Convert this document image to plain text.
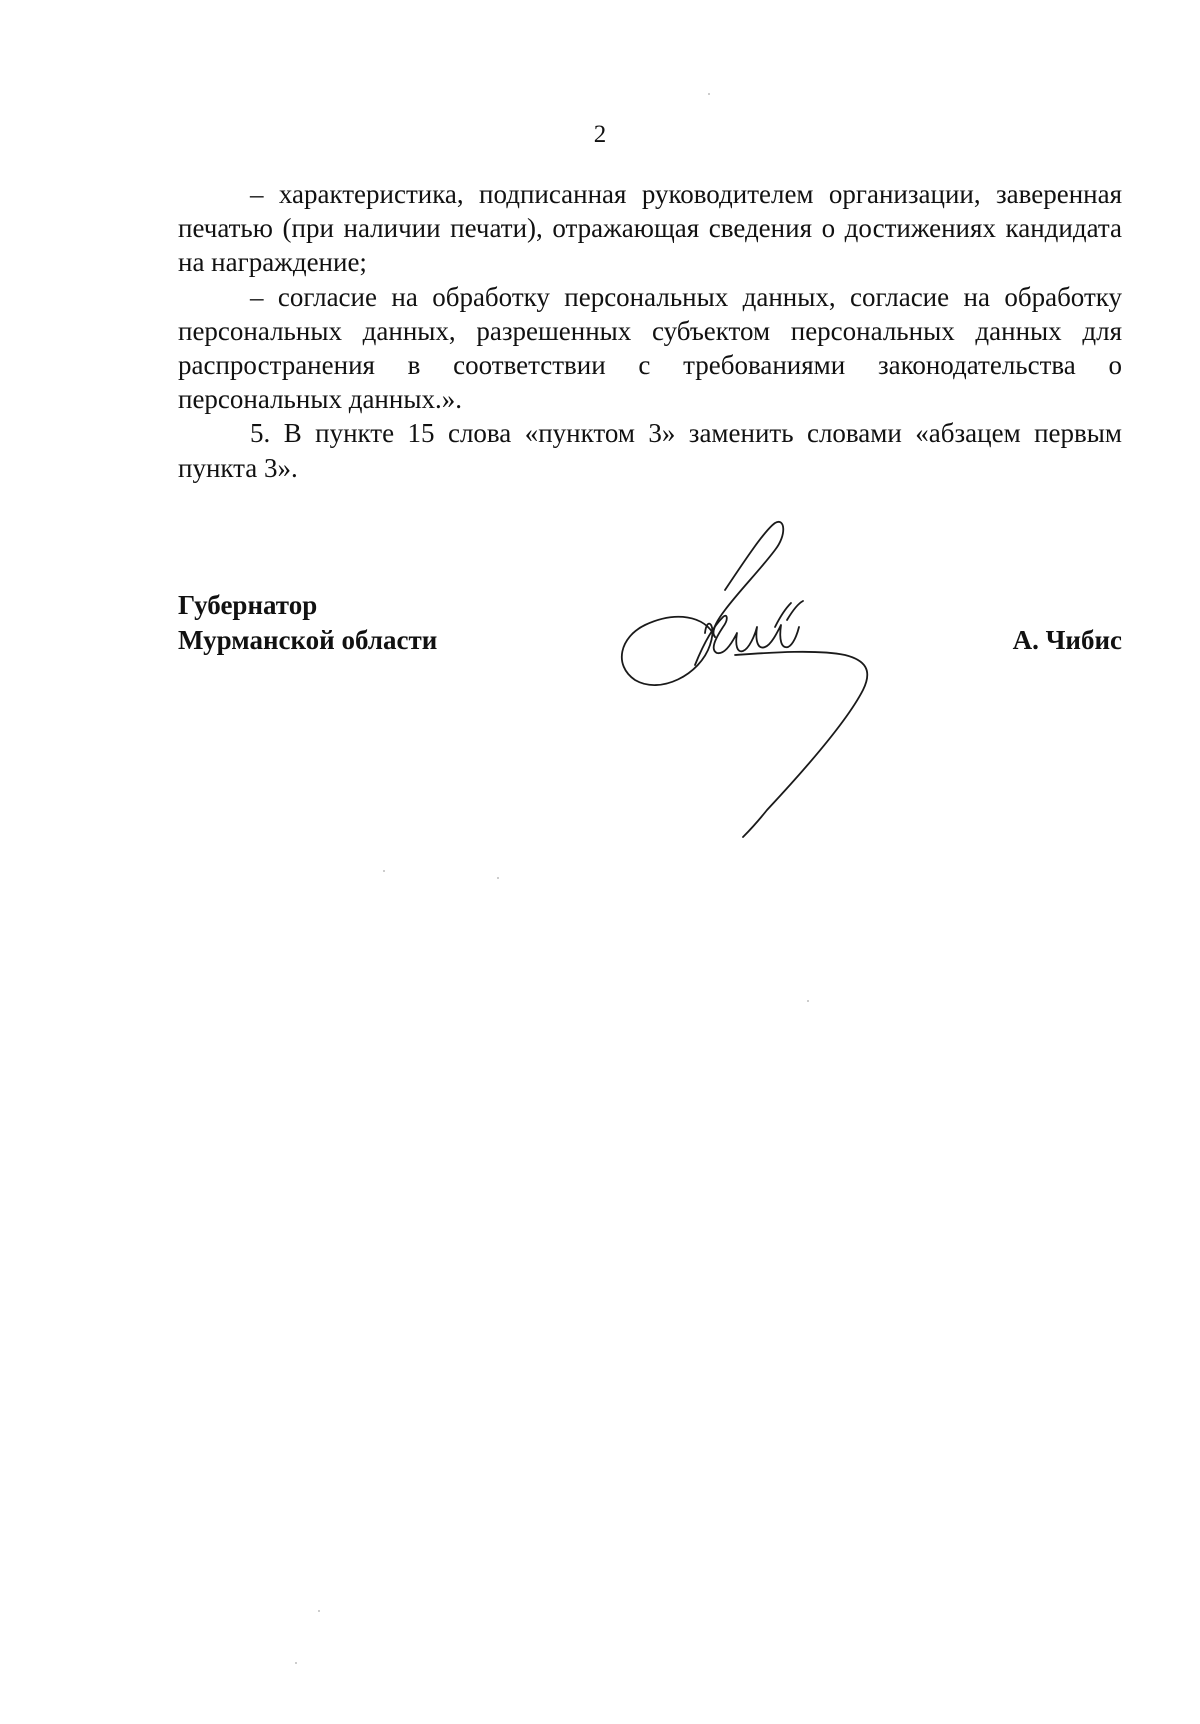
2

– характеристика, подписанная руководителем организации, заверенная печатью (при наличии печати), отражающая сведения о достижениях кандидата на награждение;

– согласие на обработку персональных данных, согласие на обработку персональных данных, разрешенных субъектом персональных данных для распространения в соответствии с требованиями законодательства о персональных данных.».

5. В пункте 15 слова «пунктом 3» заменить словами «абзацем первым пункта 3».

Губернатор
Мурманской области	А. Чибис
